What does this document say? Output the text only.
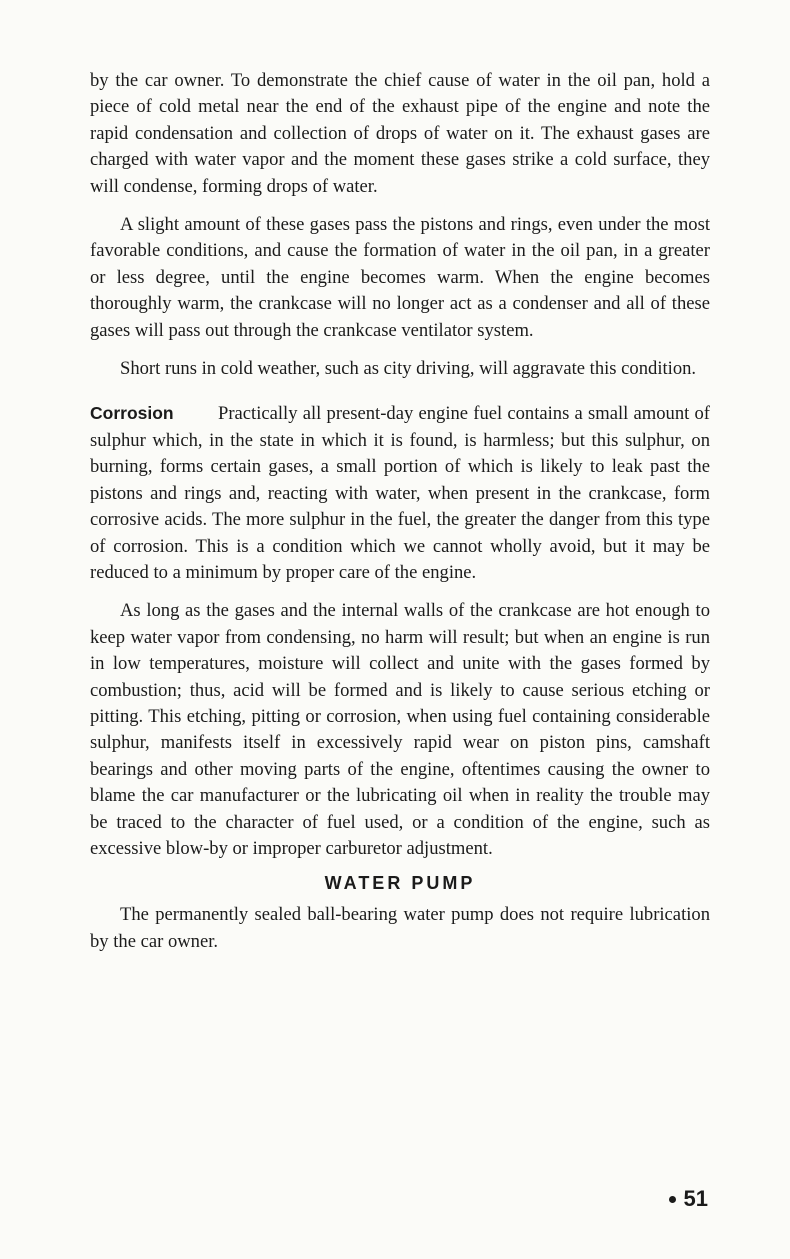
by the car owner. To demonstrate the chief cause of water in the oil pan, hold a piece of cold metal near the end of the exhaust pipe of the engine and note the rapid condensation and collection of drops of water on it. The exhaust gases are charged with water vapor and the moment these gases strike a cold surface, they will condense, forming drops of water.

A slight amount of these gases pass the pistons and rings, even under the most favorable conditions, and cause the formation of water in the oil pan, in a greater or less degree, until the engine becomes warm. When the engine becomes thoroughly warm, the crankcase will no longer act as a condenser and all of these gases will pass out through the crankcase ventilator system.

Short runs in cold weather, such as city driving, will aggravate this condition.

Corrosion Practically all present-day engine fuel contains a small amount of sulphur which, in the state in which it is found, is harmless; but this sulphur, on burning, forms certain gases, a small portion of which is likely to leak past the pistons and rings and, reacting with water, when present in the crankcase, form corrosive acids. The more sulphur in the fuel, the greater the danger from this type of corrosion. This is a condition which we cannot wholly avoid, but it may be reduced to a minimum by proper care of the engine.

As long as the gases and the internal walls of the crankcase are hot enough to keep water vapor from condensing, no harm will result; but when an engine is run in low temperatures, moisture will collect and unite with the gases formed by combustion; thus, acid will be formed and is likely to cause serious etching or pitting. This etching, pitting or corrosion, when using fuel containing considerable sulphur, manifests itself in excessively rapid wear on piston pins, camshaft bearings and other moving parts of the engine, oftentimes causing the owner to blame the car manufacturer or the lubricating oil when in reality the trouble may be traced to the character of fuel used, or a condition of the engine, such as excessive blow-by or improper carburetor adjustment.

WATER PUMP

The permanently sealed ball-bearing water pump does not require lubrication by the car owner.

51
